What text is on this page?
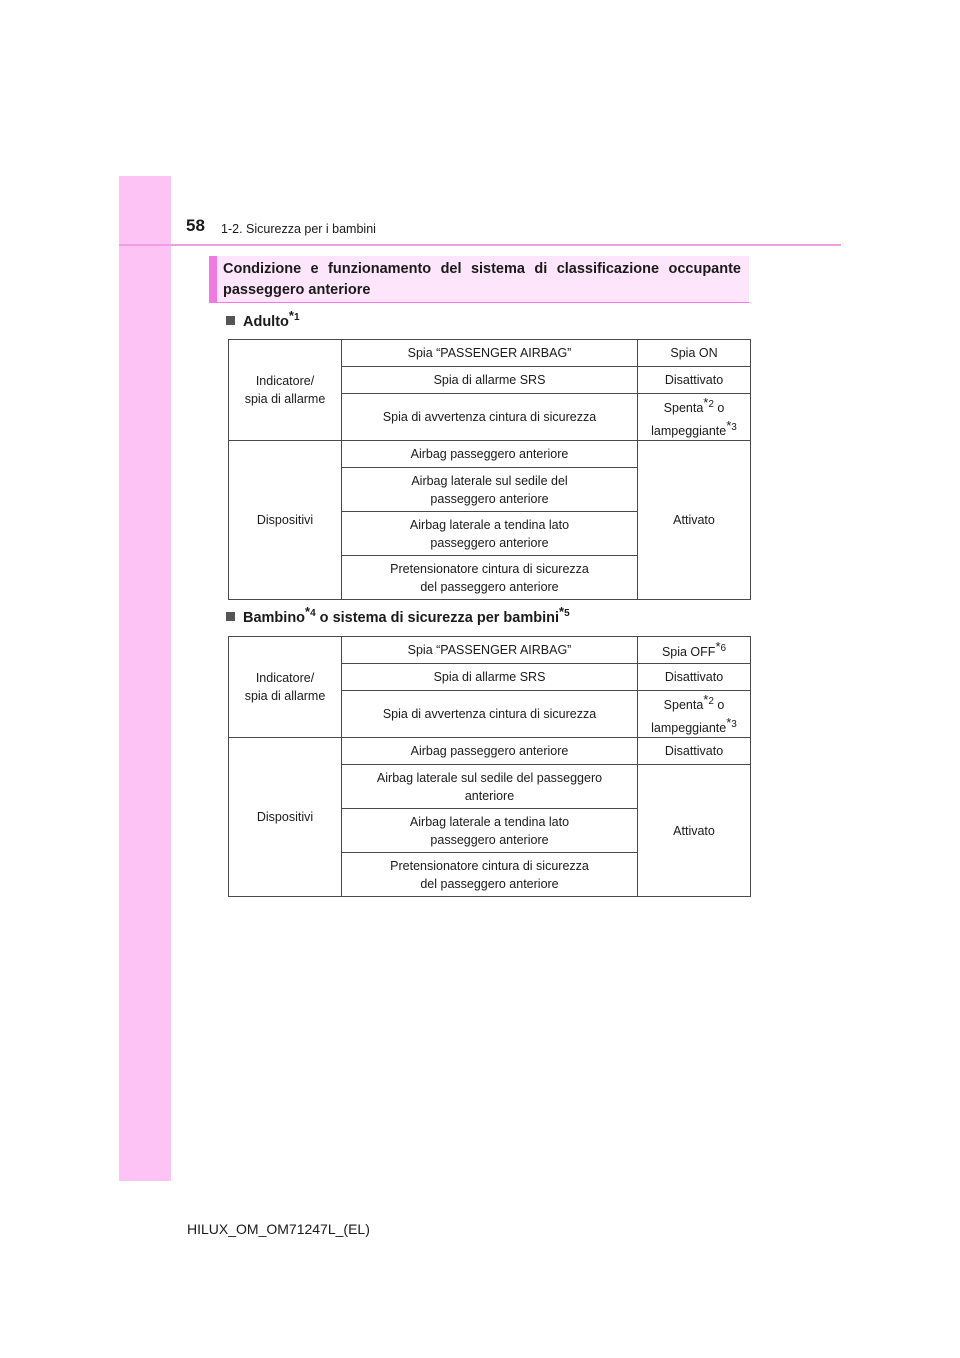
58 1-2. Sicurezza per i bambini
Condizione e funzionamento del sistema di classificazione occupante passeggero anteriore
Adulto$^{*1}$
Indicatore/
spia di allarme	Spia “PASSENGER AIRBAG”	Spia ON
	Spia di allarme SRS	Disattivato
	Spia di avvertenza cintura di sicurezza	Spenta$^{*2}$ o
lampeggiante$^{*3}$
Dispositivi	Airbag passeggero anteriore	Attivato
	Airbag laterale sul sedile del
passeggero anteriore	
	Airbag laterale a tendina lato
passeggero anteriore	
	Pretensionatore cintura di sicurezza
del passeggero anteriore	
Bambino$^{*4}$ o sistema di sicurezza per bambini$^{*5}$
Indicatore/
spia di allarme	Spia “PASSENGER AIRBAG”	Spia OFF$^{*6}$
	Spia di allarme SRS	Disattivato
	Spia di avvertenza cintura di sicurezza	Spenta$^{*2}$ o
lampeggiante$^{*3}$
Dispositivi	Airbag passeggero anteriore	Disattivato
	Airbag laterale sul sedile del passeggero
anteriore	Attivato
	Airbag laterale a tendina lato
passeggero anteriore	
	Pretensionatore cintura di sicurezza
del passeggero anteriore	
HILUX_OM_OM71247L_(EL)
